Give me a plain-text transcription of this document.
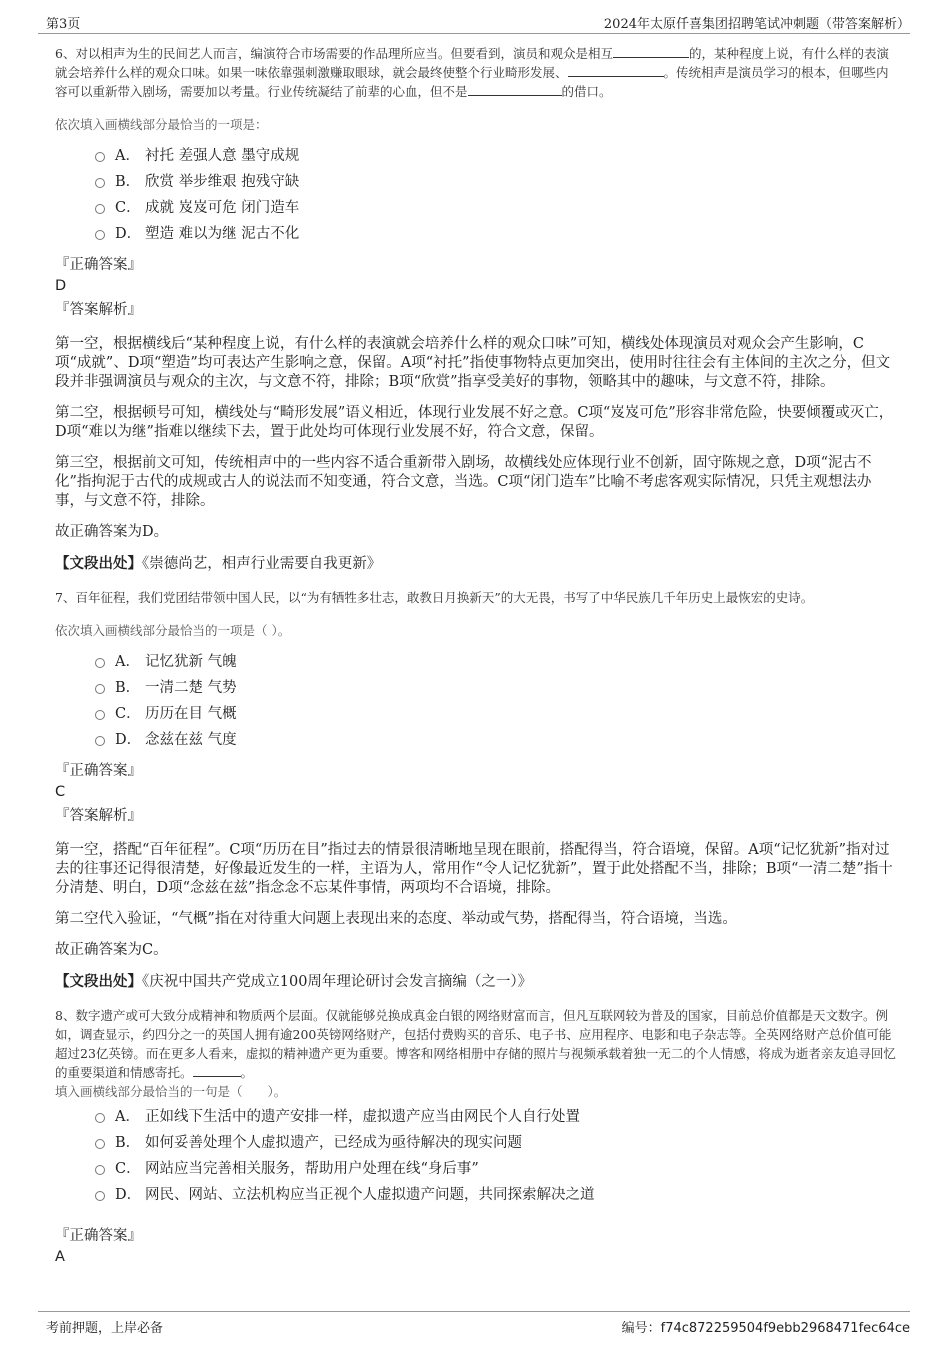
第3页	2024年太原仟喜集团招聘笔试冲刺题（带答案解析）
6、对以相声为生的民间艺人而言，编演符合市场需要的作品理所应当。但要看到，演员和观众是相互	的，某种程度上说，有什么样的表演就会培养什么样的观众口味。如果一味依靠强刺激赚取眼球，就会最终使整个行业畸形发展、	。传统相声是演员学习的根本，但哪些内容可以重新带入剧场，需要加以考量。行业传统凝结了前辈的心血，但不是	的借口。
依次填入画横线部分最恰当的一项是：
A． 衬托 差强人意 墨守成规
B． 欣赏 举步维艰 抱残守缺
C． 成就 岌岌可危 闭门造车
D． 塑造 难以为继 泥古不化
『正确答案』
D
『答案解析』
第一空，根据横线后“某种程度上说，有什么样的表演就会培养什么样的观众口味”可知，横线处体现演员对观众会产生影响，C项“成就”、D项“塑造”均可表达产生影响之意，保留。A项“衬托”指使事物特点更加突出，使用时往往会有主体间的主次之分，但文段并非强调演员与观众的主次，与文意不符，排除；B项“欣赏”指享受美好的事物，领略其中的趣味，与文意不符，排除。
第二空，根据顿号可知，横线处与“畸形发展”语义相近，体现行业发展不好之意。C项“岌岌可危”形容非常危险，快要倾覆或灭亡，D项“难以为继”指难以继续下去，置于此处均可体现行业发展不好，符合文意，保留。
第三空，根据前文可知，传统相声中的一些内容不适合重新带入剧场，故横线处应体现行业不创新，固守陈规之意，D项“泥古不化”指拘泥于古代的成规或古人的说法而不知变通，符合文意，当选。C项“闭门造车”比喻不考虑客观实际情况，只凭主观想法办事，与文意不符，排除。
故正确答案为D。
【文段出处】《崇德尚艺，相声行业需要自我更新》
7、百年征程，我们党团结带领中国人民，以“为有牺牲多壮志，敢教日月换新天”的大无畏，书写了中华民族几千年历史上最恢宏的史诗。
依次填入画横线部分最恰当的一项是（ ）。
A． 记忆犹新 气魄
B． 一清二楚 气势
C． 历历在目 气概
D． 念兹在兹 气度
『正确答案』
C
『答案解析』
第一空，搭配“百年征程”。C项“历历在目”指过去的情景很清晰地呈现在眼前，搭配得当，符合语境，保留。A项“记忆犹新”指对过去的往事还记得很清楚，好像最近发生的一样，主语为人，常用作“令人记忆犹新”，置于此处搭配不当，排除；B项“一清二楚”指十分清楚、明白，D项“念兹在兹”指念念不忘某件事情，两项均不合语境，排除。
第二空代入验证，“气概”指在对待重大问题上表现出来的态度、举动或气势，搭配得当，符合语境，当选。
故正确答案为C。
【文段出处】《庆祝中国共产党成立100周年理论研讨会发言摘编（之一）》
8、数字遗产或可大致分成精神和物质两个层面。仅就能够兑换成真金白银的网络财富而言，但凡互联网较为普及的国家，目前总价值都是天文数字。例如，调查显示，约四分之一的英国人拥有逾200英镑网络财产，包括付费购买的音乐、电子书、应用程序、电影和电子杂志等。全英网络财产总价值可能超过23亿英镑。而在更多人看来，虚拟的精神遗产更为重要。博客和网络相册中存储的照片与视频承载着独一无二的个人情感，将成为逝者亲友追寻回忆的重要渠道和情感寄托。	。
填入画横线部分最恰当的一句是（　　）。
A． 正如线下生活中的遗产安排一样，虚拟遗产应当由网民个人自行处置
B． 如何妥善处理个人虚拟遗产，已经成为亟待解决的现实问题
C． 网站应当完善相关服务，帮助用户处理在线“身后事”
D． 网民、网站、立法机构应当正视个人虚拟遗产问题，共同探索解决之道
『正确答案』
A
考前押题，上岸必备	编号：f74c872259504f9ebb2968471fec64ce
